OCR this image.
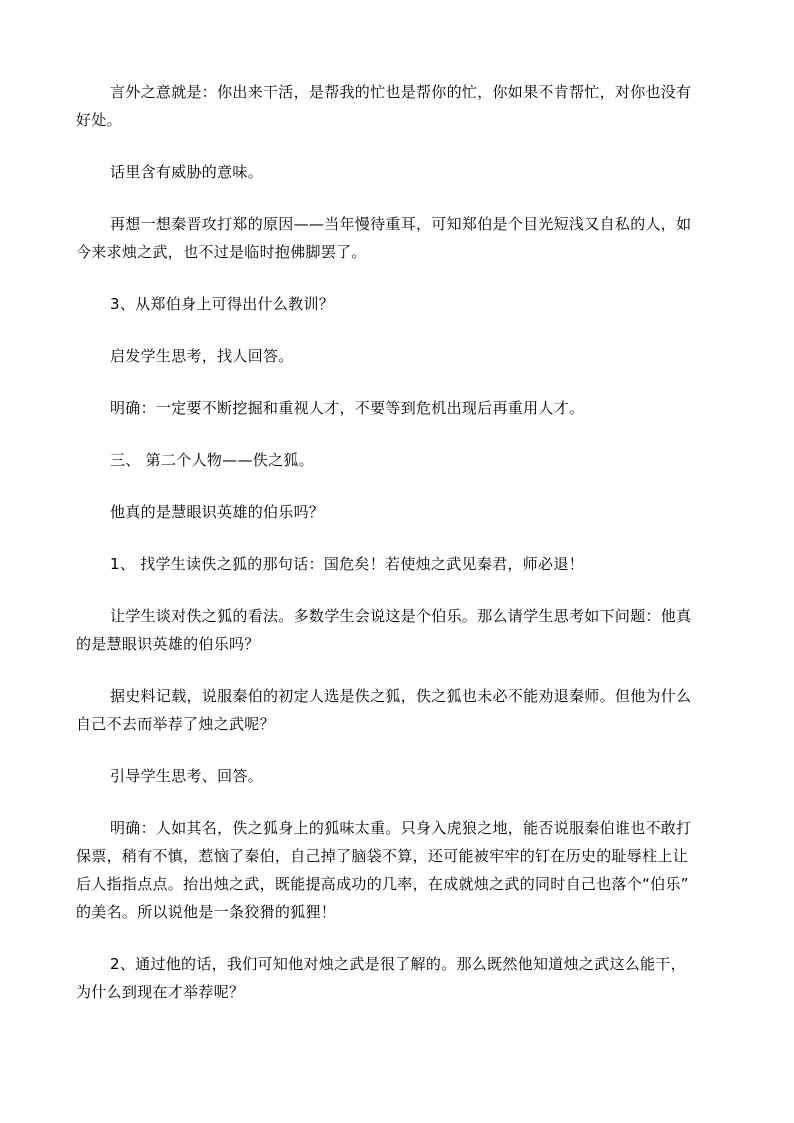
言外之意就是：你出来干活，是帮我的忙也是帮你的忙，你如果不肯帮忙，对你也没有
好处。

话里含有威胁的意味。

再想一想秦晋攻打郑的原因——当年慢待重耳，可知郑伯是个目光短浅又自私的人，如
今来求烛之武，也不过是临时抱佛脚罢了。

3、从郑伯身上可得出什么教训？

启发学生思考，找人回答。

明确：一定要不断挖掘和重视人才，不要等到危机出现后再重用人才。

三、 第二个人物——佚之狐。

他真的是慧眼识英雄的伯乐吗？

1、 找学生读佚之狐的那句话：国危矣！若使烛之武见秦君，师必退！

让学生谈对佚之狐的看法。多数学生会说这是个伯乐。那么请学生思考如下问题：他真
的是慧眼识英雄的伯乐吗？

据史料记载，说服秦伯的初定人选是佚之狐，佚之狐也未必不能劝退秦师。但他为什么
自己不去而举荐了烛之武呢？

引导学生思考、回答。

明确：人如其名，佚之狐身上的狐味太重。只身入虎狼之地，能否说服秦伯谁也不敢打
保票，稍有不慎，惹恼了秦伯，自己掉了脑袋不算，还可能被牢牢的钉在历史的耻辱柱上让
后人指指点点。抬出烛之武，既能提高成功的几率，在成就烛之武的同时自己也落个“伯乐”
的美名。所以说他是一条狡猾的狐狸！

2、通过他的话，我们可知他对烛之武是很了解的。那么既然他知道烛之武这么能干，
为什么到现在才举荐呢？
